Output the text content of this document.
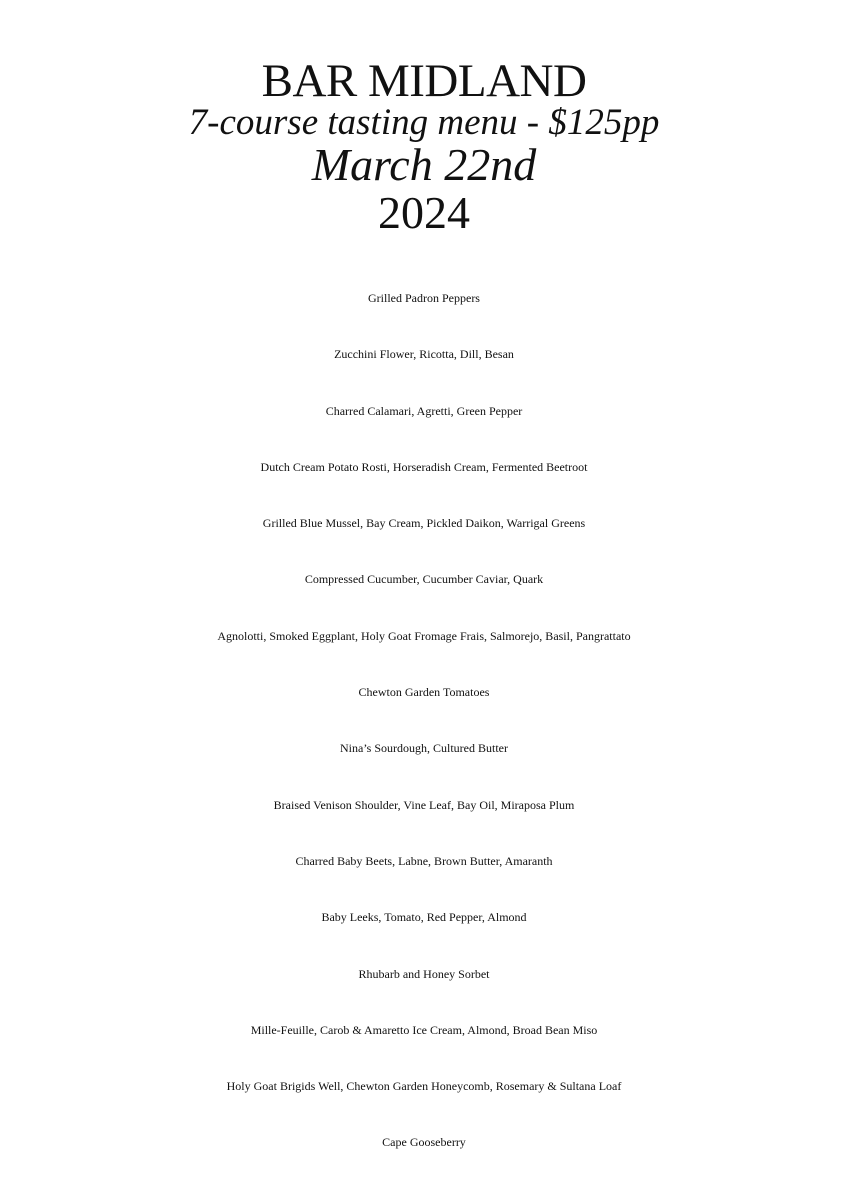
BAR MIDLAND
7-course tasting menu - $125pp
March 22nd
2024
Grilled Padron Peppers
Zucchini Flower, Ricotta, Dill, Besan
Charred Calamari, Agretti, Green Pepper
Dutch Cream Potato Rosti, Horseradish Cream, Fermented Beetroot
Grilled Blue Mussel, Bay Cream, Pickled Daikon, Warrigal Greens
Compressed Cucumber, Cucumber Caviar, Quark
Agnolotti, Smoked Eggplant, Holy Goat Fromage Frais, Salmorejo, Basil, Pangrattato
Chewton Garden Tomatoes
Nina’s Sourdough, Cultured Butter
Braised Venison Shoulder, Vine Leaf, Bay Oil, Miraposa Plum
Charred Baby Beets, Labne, Brown Butter, Amaranth
Baby Leeks, Tomato, Red Pepper, Almond
Rhubarb and Honey Sorbet
Mille-Feuille, Carob & Amaretto Ice Cream, Almond, Broad Bean Miso
Holy Goat Brigids Well, Chewton Garden Honeycomb, Rosemary & Sultana Loaf
Cape Gooseberry
